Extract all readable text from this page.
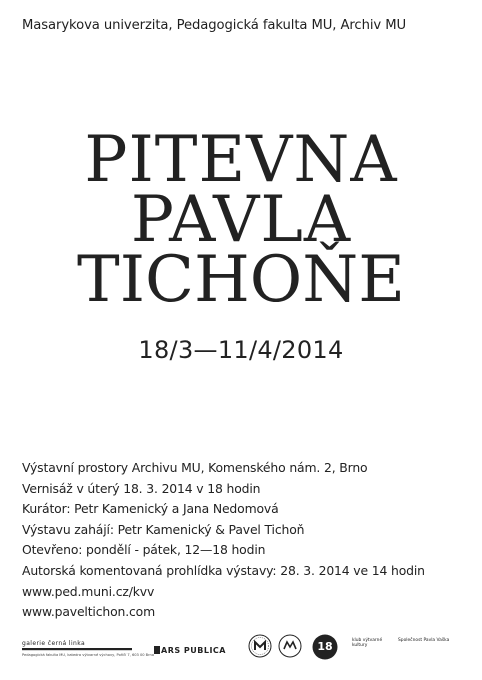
Masarykova univerzita, Pedagogická fakulta MU, Archiv MU
PITEVNA
PAVLA
TICHOŇE
18/3—11/4/2014
Výstavní prostory Archivu MU, Komenského nám. 2, Brno
Vernisáž v úterý 18. 3. 2014 v 18 hodin
Kurátor: Petr Kamenický a Jana Nedomová
Výstavu zahájí: Petr Kamenický & Pavel Tichoň
Otevřeno: pondělí - pátek, 12—18 hodin
Autorská komentovaná prohlídka výstavy: 28. 3. 2014 ve 14 hodin
www.ped.muni.cz/kvv
www.paveltichon.com
galerie černá linka
Pedagogická fakulta MU, katedra výtvarné výchovy, Poříčí 7, 603 00 Brno ARS PUBLICA	18	klub výtvarné kultury
Společnost Pavla Vaška
